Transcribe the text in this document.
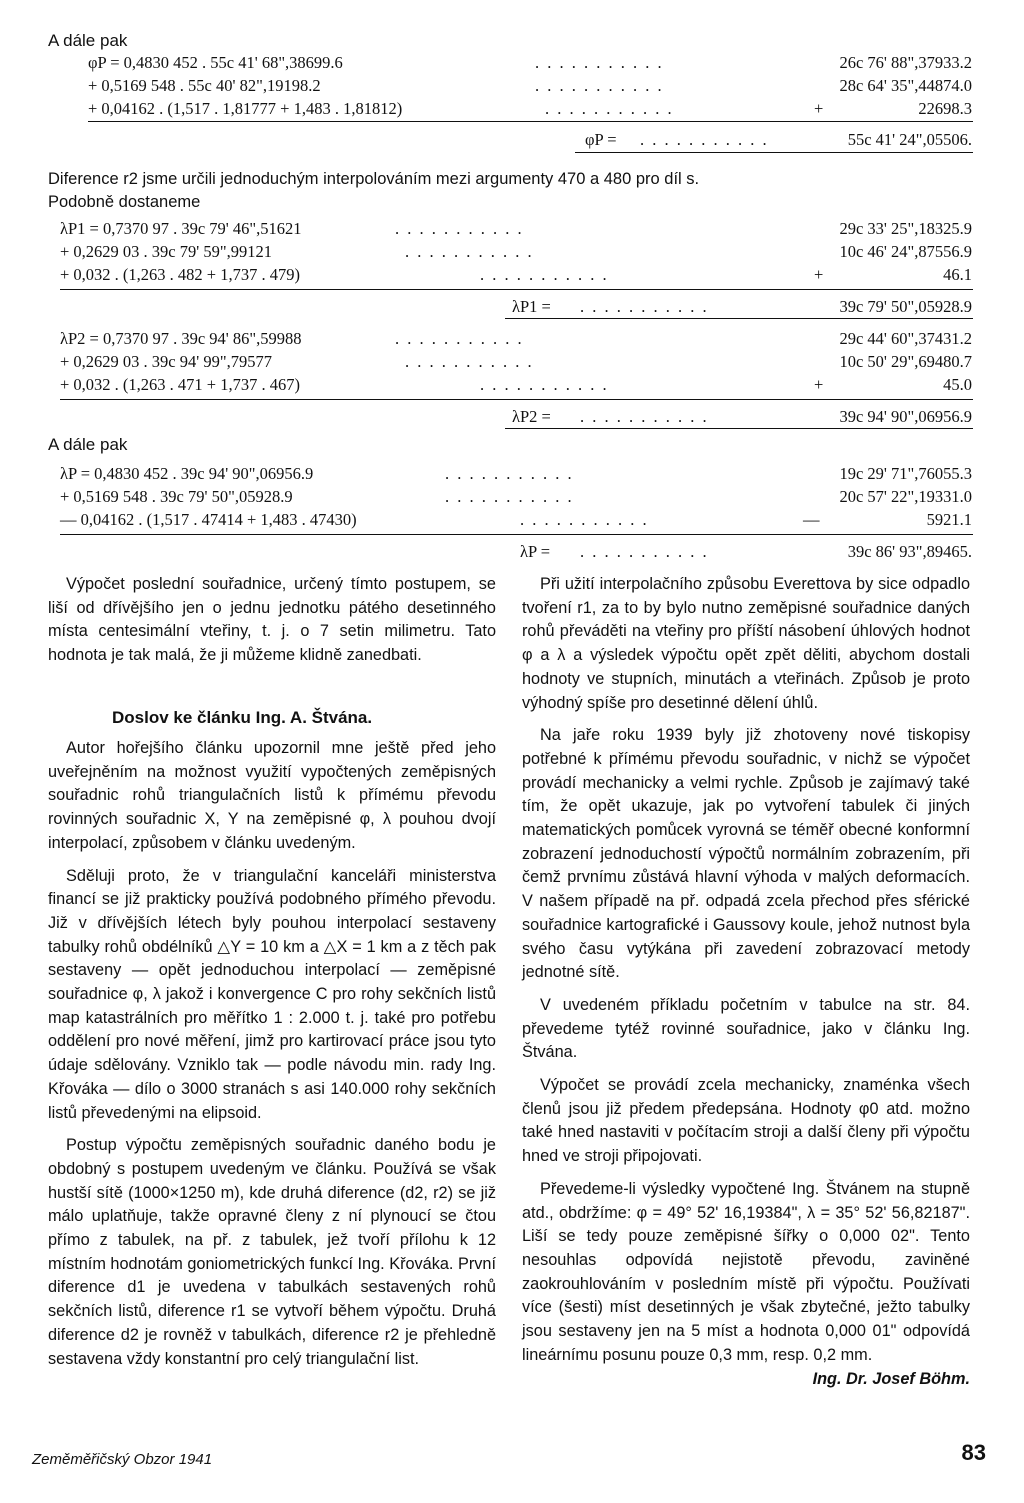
A dále pak
φP = 0,4830 452 . 55c 41' 68",38699.6	. . . . . . . . . . .	26c 76' 88",37933.2
+ 0,5169 548 . 55c 40' 82",19198.2	. . . . . . . . . . .	28c 64' 35",44874.0
+ 0,04162 . (1,517 . 1,81777 + 1,483 . 1,81812)	. . . . . . . . . . .	+	22698.3
φP = . . . . . . . . . . .	55c 41' 24",05506.
Diference r2 jsme určili jednoduchým interpolováním mezi argumenty 470 a 480 pro díl s.
Podobně dostaneme
λP1 = 0,7370 97 . 39c 79' 46",51621	. . . . . . . . . . .	29c 33' 25",18325.9
+ 0,2629 03 . 39c 79' 59",99121	. . . . . . . . . . .	10c 46' 24",87556.9
+ 0,032 . (1,263 . 482 + 1,737 . 479)	. . . . . . . . . . .	+	46.1
λP1 = . . . . . . . . . . .	39c 79' 50",05928.9
λP2 = 0,7370 97 . 39c 94' 86",59988	. . . . . . . . . . .	29c 44' 60",37431.2
+ 0,2629 03 . 39c 94' 99",79577	. . . . . . . . . . .	10c 50' 29",69480.7
+ 0,032 . (1,263 . 471 + 1,737 . 467)	. . . . . . . . . . .	+	45.0
λP2 = . . . . . . . . . . .	39c 94' 90",06956.9
A dále pak
λP = 0,4830 452 . 39c 94' 90",06956.9	. . . . . . . . . . .	19c 29' 71",76055.3
+ 0,5169 548 . 39c 79' 50",05928.9	. . . . . . . . . . .	20c 57' 22",19331.0
— 0,04162 . (1,517 . 47414 + 1,483 . 47430)	. . . . . . . . . . .	—	5921.1
λP = . . . . . . . . . . .	39c 86' 93",89465.

Výpočet poslední souřadnice, určený tímto postupem, se liší od dřívějšího jen o jednu jednotku pátého desetinného místa centesimální vteřiny, t. j. o 7 setin milimetru. Tato hodnota je tak malá, že ji můžeme klidně zanedbati.

Doslov ke článku Ing. A. Štvána.

Autor hořejšího článku upozornil mne ještě před jeho uveřejněním na možnost využití vypočtených zeměpisných souřadnic rohů triangulačních listů k přímému převodu rovinných souřadnic X, Y na zeměpisné φ, λ pouhou dvojí interpolací, způsobem v článku uvedeným.

Sděluji proto, že v triangulační kanceláři ministerstva financí se již prakticky používá podobného přímého převodu. Již v dřívějších létech byly pouhou interpolací sestaveny tabulky rohů obdélníků △Y = 10 km a △X = 1 km a z těch pak sestaveny — opět jednoduchou interpolací — zeměpisné souřadnice φ, λ jakož i konvergence C pro rohy sekčních listů map katastrálních pro měřítko 1 : 2.000 t. j. také pro potřebu oddělení pro nové měření, jimž pro kartirovací práce jsou tyto údaje sdělovány. Vzniklo tak — podle návodu min. rady Ing. Křováka — dílo o 3000 stranách s asi 140.000 rohy sekčních listů převedenými na elipsoid.

Postup výpočtu zeměpisných souřadnic daného bodu je obdobný s postupem uvedeným ve článku. Používá se však hustší sítě (1000×1250 m), kde druhá diference (d2, r2) se již málo uplatňuje, takže opravné členy z ní plynoucí se čtou přímo z tabulek, na př. z tabulek, jež tvoří přílohu k 12 místním hodnotám goniometrických funkcí Ing. Křováka. První diference d1 je uvedena v tabulkách sestavených rohů sekčních listů, diference r1 se vytvoří během výpočtu. Druhá diference d2 je rovněž v tabulkách, diference r2 je přehledně sestavena vždy konstantní pro celý triangulační list.

Při užití interpolačního způsobu Everettova by sice odpadlo tvoření r1, za to by bylo nutno zeměpisné souřadnice daných rohů převáděti na vteřiny pro příští násobení úhlových hodnot φ a λ a výsledek výpočtu opět zpět děliti, abychom dostali hodnoty ve stupních, minutách a vteřinách. Způsob je proto výhodný spíše pro desetinné dělení úhlů.

Na jaře roku 1939 byly již zhotoveny nové tiskopisy potřebné k přímému převodu souřadnic, v nichž se výpočet provádí mechanicky a velmi rychle. Způsob je zajímavý také tím, že opět ukazuje, jak po vytvoření tabulek či jiných matematických pomůcek vyrovná se téměř obecné konformní zobrazení jednoduchostí výpočtů normálním zobrazením, při čemž prvnímu zůstává hlavní výhoda v malých deformacích. V našem případě na př. odpadá zcela přechod přes sférické souřadnice kartografické i Gaussovy koule, jehož nutnost byla svého času vytýkána při zavedení zobrazovací metody jednotné sítě.

V uvedeném příkladu početním v tabulce na str. 84. převedeme tytéž rovinné souřadnice, jako v článku Ing. Štvána.

Výpočet se provádí zcela mechanicky, znaménka všech členů jsou již předem předepsána. Hodnoty φ0 atd. možno také hned nastaviti v počítacím stroji a další členy při výpočtu hned ve stroji připojovati.

Převedeme-li výsledky vypočtené Ing. Štvánem na stupně atd., obdržíme: φ = 49° 52' 16,19384", λ = 35° 52' 56,82187". Liší se tedy pouze zeměpisné šířky o 0,000 02". Tento nesouhlas odpovídá nejistotě převodu, zaviněné zaokrouhlováním v posledním místě při výpočtu. Používati více (šesti) míst desetinných je však zbytečné, ježto tabulky jsou sestaveny jen na 5 míst a hodnota 0,000 01" odpovídá lineárnímu posunu pouze 0,3 mm, resp. 0,2 mm.
Ing. Dr. Josef Böhm.

Zeměměřičský Obzor 1941	83
